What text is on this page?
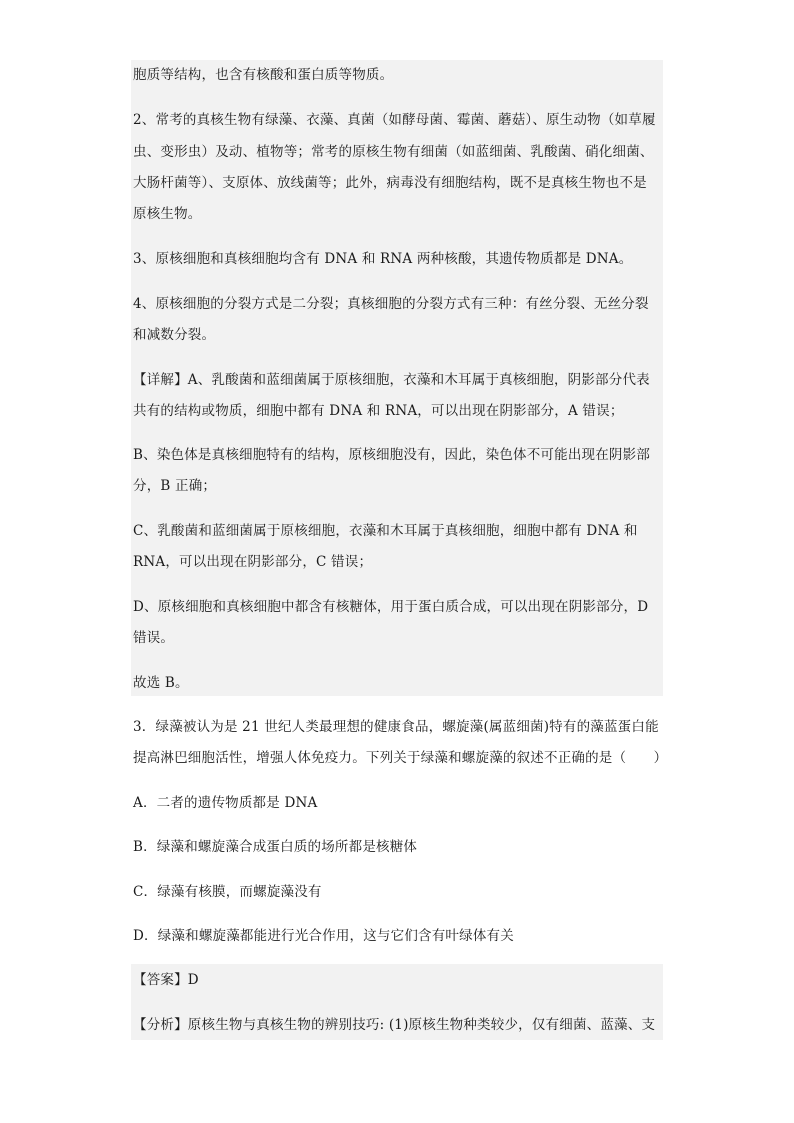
胞质等结构，也含有核酸和蛋白质等物质。

2、常考的真核生物有绿藻、衣藻、真菌（如酵母菌、霉菌、蘑菇）、原生动物（如草履

虫、变形虫）及动、植物等；常考的原核生物有细菌（如蓝细菌、乳酸菌、硝化细菌、

大肠杆菌等）、支原体、放线菌等；此外，病毒没有细胞结构，既不是真核生物也不是

原核生物。

3、原核细胞和真核细胞均含有 DNA 和 RNA 两种核酸，其遗传物质都是 DNA。

4、原核细胞的分裂方式是二分裂；真核细胞的分裂方式有三种：有丝分裂、无丝分裂

和减数分裂。

【详解】A、乳酸菌和蓝细菌属于原核细胞，衣藻和木耳属于真核细胞，阴影部分代表

共有的结构或物质，细胞中都有 DNA 和 RNA，可以出现在阴影部分，A 错误；

B、染色体是真核细胞特有的结构，原核细胞没有，因此，染色体不可能出现在阴影部

分，B 正确；

C、乳酸菌和蓝细菌属于原核细胞，衣藻和木耳属于真核细胞，细胞中都有 DNA 和

RNA，可以出现在阴影部分，C 错误；

D、原核细胞和真核细胞中都含有核糖体，用于蛋白质合成，可以出现在阴影部分，D

错误。

故选 B。

3．绿藻被认为是 21 世纪人类最理想的健康食品，螺旋藻(属蓝细菌)特有的藻蓝蛋白能

提高淋巴细胞活性，增强人体免疫力。下列关于绿藻和螺旋藻的叙述不正确的是（　　）

A．二者的遗传物质都是 DNA

B．绿藻和螺旋藻合成蛋白质的场所都是核糖体

C．绿藻有核膜，而螺旋藻没有

D．绿藻和螺旋藻都能进行光合作用，这与它们含有叶绿体有关

【答案】D

【分析】原核生物与真核生物的辨别技巧: (1)原核生物种类较少，仅有细菌、蓝藻、支
